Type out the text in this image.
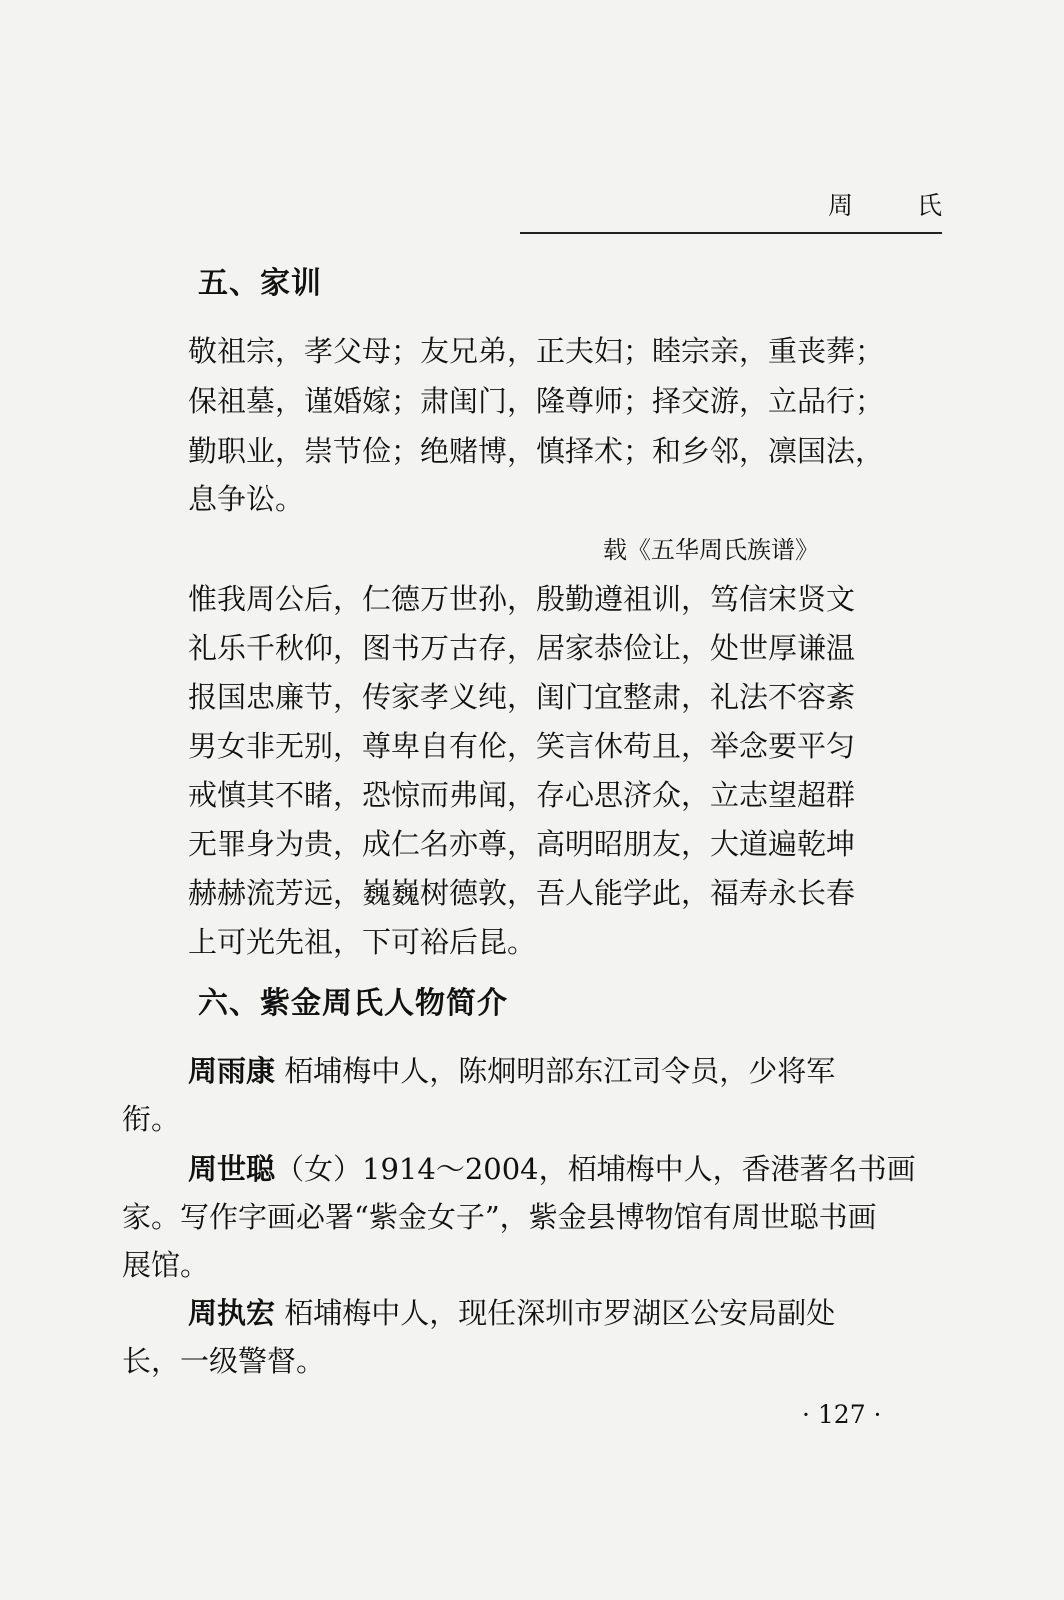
周 氏
五、家训
敬祖宗，孝父母；友兄弟，正夫妇；睦宗亲，重丧葬；
保祖墓，谨婚嫁；肃闺门，隆尊师；择交游，立品行；
勤职业，崇节俭；绝赌博，慎择术；和乡邻，凛国法，
息争讼。
载《五华周氏族谱》
惟我周公后，仁德万世孙，殷勤遵祖训，笃信宋贤文
礼乐千秋仰，图书万古存，居家恭俭让，处世厚谦温
报国忠廉节，传家孝义纯，闺门宜整肃，礼法不容紊
男女非无别，尊卑自有伦，笑言休苟且，举念要平匀
戒慎其不睹，恐惊而弗闻，存心思济众，立志望超群
无罪身为贵，成仁名亦尊，高明昭朋友，大道遍乾坤
赫赫流芳远，巍巍树德敦，吾人能学此，福寿永长春
上可光先祖，下可裕后昆。
六、紫金周氏人物简介
周雨康 栢埔梅中人，陈炯明部东江司令员，少将军
衔。
周世聪（女）1914～2004，栢埔梅中人，香港著名书画
家。写作字画必署“紫金女子”，紫金县博物馆有周世聪书画
展馆。
周执宏 栢埔梅中人，现任深圳市罗湖区公安局副处
长，一级警督。
· 127 ·
